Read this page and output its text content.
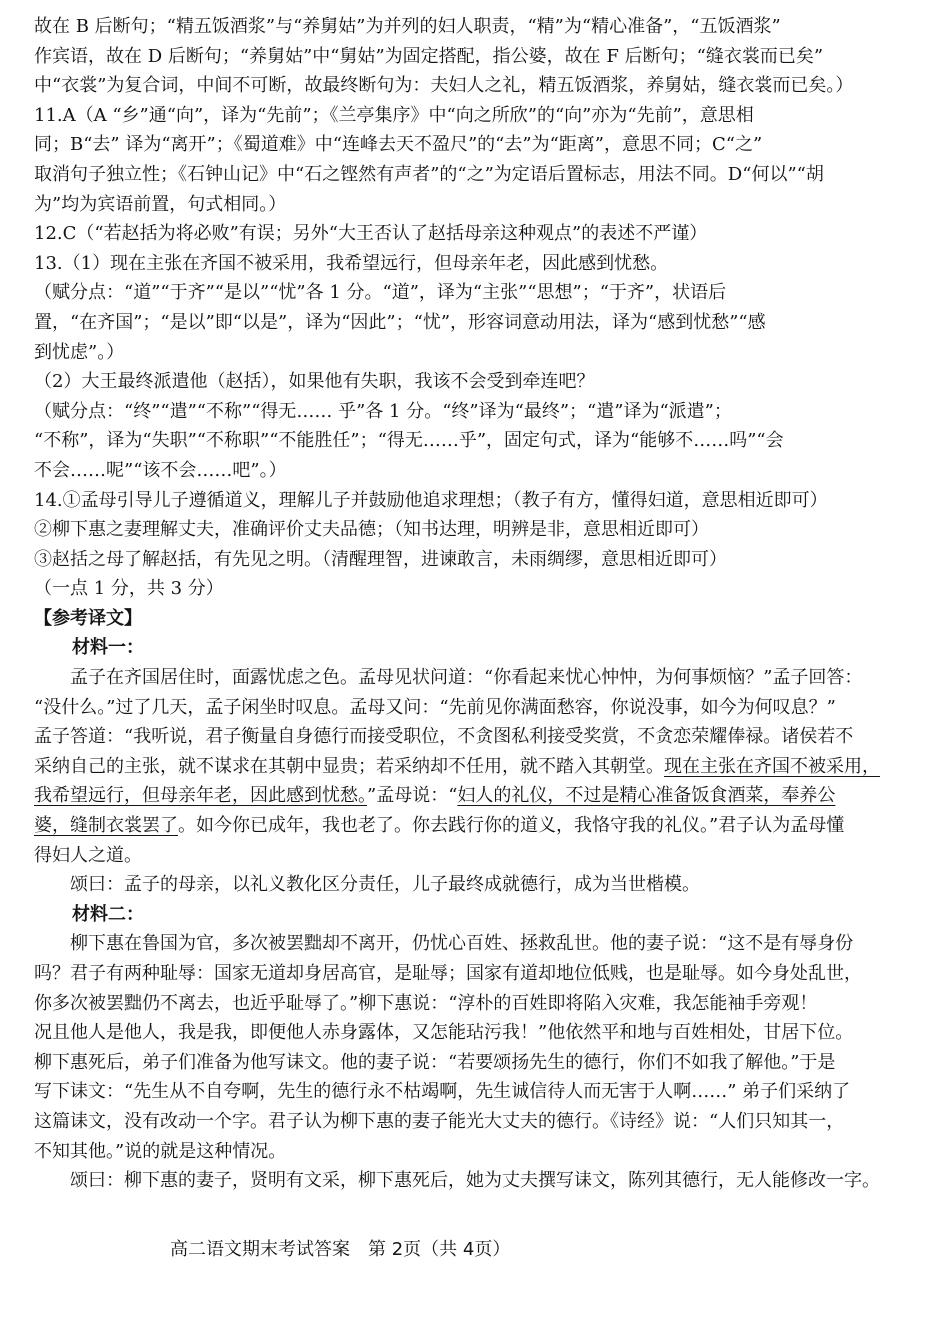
故在 B 后断句；“精五饭酒浆”与“养舅姑”为并列的妇人职责，“精”为“精心准备”，“五饭酒浆”
作宾语，故在 D 后断句；“养舅姑”中“舅姑”为固定搭配，指公婆，故在 F 后断句；“缝衣裳而已矣”
中“衣裳”为复合词，中间不可断，故最终断句为：夫妇人之礼，精五饭酒浆，养舅姑，缝衣裳而已矣。）
11.A（A “乡”通“向”，译为“先前”；《兰亭集序》中“向之所欣”的“向”亦为“先前”，意思相
同；B“去” 译为“离开”；《蜀道难》中“连峰去天不盈尺”的“去”为“距离”，意思不同；C“之”
取消句子独立性；《石钟山记》中“石之铿然有声者”的“之”为定语后置标志，用法不同。D“何以”“胡
为”均为宾语前置，句式相同。）
12.C（“若赵括为将必败”有误；另外“大王否认了赵括母亲这种观点”的表述不严谨）
13.（1）现在主张在齐国不被采用，我希望远行，但母亲年老，因此感到忧愁。
（赋分点：“道”“于齐”“是以”“忧”各 1 分。“道”，译为“主张”“思想”；“于齐”，状语后
置，“在齐国”；“是以”即“以是”，译为“因此”；“忧”，形容词意动用法，译为“感到忧愁”“感
到忧虑”。）
（2）大王最终派遣他（赵括），如果他有失职，我该不会受到牵连吧？
（赋分点：“终”“遣”“不称”“得无…… 乎”各 1 分。“终”译为“最终”；“遣”译为“派遣”；
“不称”，译为“失职”“不称职”“不能胜任”；“得无……乎”，固定句式，译为“能够不……吗”“会
不会……呢”“该不会……吧”。）
14.①孟母引导儿子遵循道义，理解儿子并鼓励他追求理想；（教子有方，懂得妇道，意思相近即可）
②柳下惠之妻理解丈夫，准确评价丈夫品德；（知书达理，明辨是非，意思相近即可）
③赵括之母了解赵括，有先见之明。（清醒理智，进谏敢言，未雨绸缪，意思相近即可）
（一点 1 分，共 3 分）
【参考译文】
材料一：
孟子在齐国居住时，面露忧虑之色。孟母见状问道：“你看起来忧心忡忡，为何事烦恼？”孟子回答：
“没什么。”过了几天，孟子闲坐时叹息。孟母又问：“先前见你满面愁容，你说没事，如今为何叹息？”
孟子答道：“我听说，君子衡量自身德行而接受职位，不贪图私利接受奖赏，不贪恋荣耀俸禄。诸侯若不
采纳自己的主张，就不谋求在其朝中显贵；若采纳却不任用，就不踏入其朝堂。现在主张在齐国不被采用，
我希望远行，但母亲年老，因此感到忧愁。”孟母说：“妇人的礼仪，不过是精心准备饭食酒菜，奉养公
婆，缝制衣裳罢了。如今你已成年，我也老了。你去践行你的道义，我恪守我的礼仪。”君子认为孟母懂
得妇人之道。
颂曰：孟子的母亲，以礼义教化区分责任，儿子最终成就德行，成为当世楷模。
材料二：
柳下惠在鲁国为官，多次被罢黜却不离开，仍忧心百姓、拯救乱世。他的妻子说：“这不是有辱身份
吗？君子有两种耻辱：国家无道却身居高官，是耻辱；国家有道却地位低贱，也是耻辱。如今身处乱世，
你多次被罢黜仍不离去，也近乎耻辱了。”柳下惠说：“淳朴的百姓即将陷入灾难，我怎能袖手旁观！
况且他人是他人，我是我，即便他人赤身露体，又怎能玷污我！”他依然平和地与百姓相处，甘居下位。
柳下惠死后，弟子们准备为他写诔文。他的妻子说：“若要颂扬先生的德行，你们不如我了解他。”于是
写下诔文：“先生从不自夸啊，先生的德行永不枯竭啊，先生诚信待人而无害于人啊……” 弟子们采纳了
这篇诔文，没有改动一个字。君子认为柳下惠的妻子能光大丈夫的德行。《诗经》说：“人们只知其一，
不知其他。”说的就是这种情况。
颂曰：柳下惠的妻子，贤明有文采，柳下惠死后，她为丈夫撰写诔文，陈列其德行，无人能修改一字。
高二语文期末考试答案　第 2页（共 4页）
